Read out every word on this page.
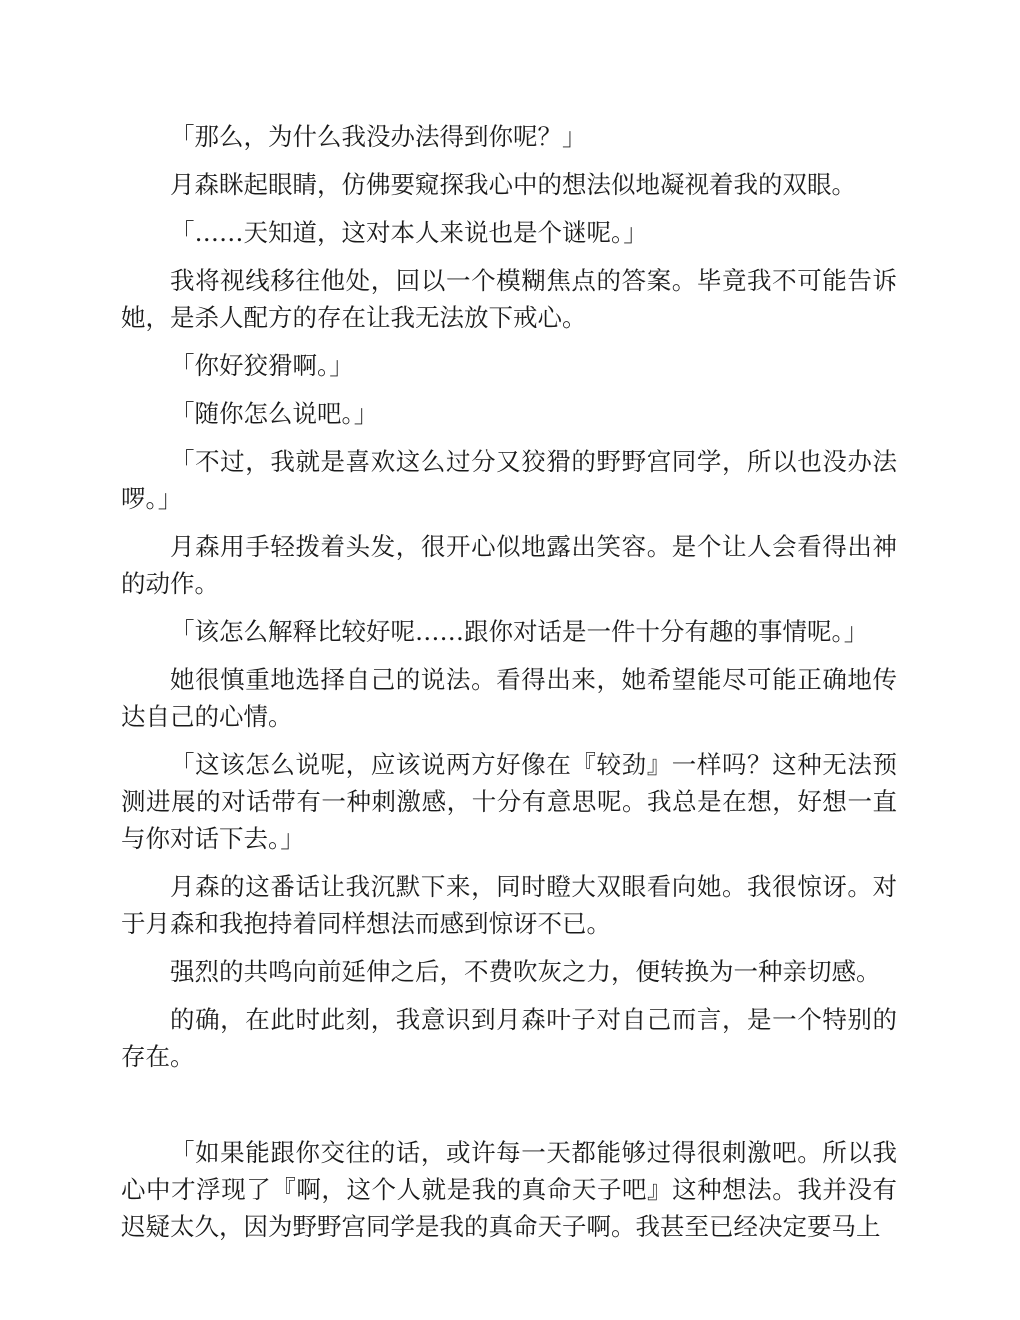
「那么，为什么我没办法得到你呢？」

月森眯起眼睛，仿佛要窥探我心中的想法似地凝视着我的双眼。

「……天知道，这对本人来说也是个谜呢。」

我将视线移往他处，回以一个模糊焦点的答案。毕竟我不可能告诉她，是杀人配方的存在让我无法放下戒心。

「你好狡猾啊。」

「随你怎么说吧。」

「不过，我就是喜欢这么过分又狡猾的野野宫同学，所以也没办法啰。」

月森用手轻拨着头发，很开心似地露出笑容。是个让人会看得出神的动作。

「该怎么解释比较好呢……跟你对话是一件十分有趣的事情呢。」

她很慎重地选择自己的说法。看得出来，她希望能尽可能正确地传达自己的心情。

「这该怎么说呢，应该说两方好像在『较劲』一样吗？这种无法预测进展的对话带有一种刺激感，十分有意思呢。我总是在想，好想一直与你对话下去。」

月森的这番话让我沉默下来，同时瞪大双眼看向她。我很惊讶。对于月森和我抱持着同样想法而感到惊讶不已。

强烈的共鸣向前延伸之后，不费吹灰之力，便转换为一种亲切感。

的确，在此时此刻，我意识到月森叶子对自己而言，是一个特别的存在。

「如果能跟你交往的话，或许每一天都能够过得很刺激吧。所以我心中才浮现了『啊，这个人就是我的真命天子吧』这种想法。我并没有迟疑太久，因为野野宫同学是我的真命天子啊。我甚至已经决定要马上
